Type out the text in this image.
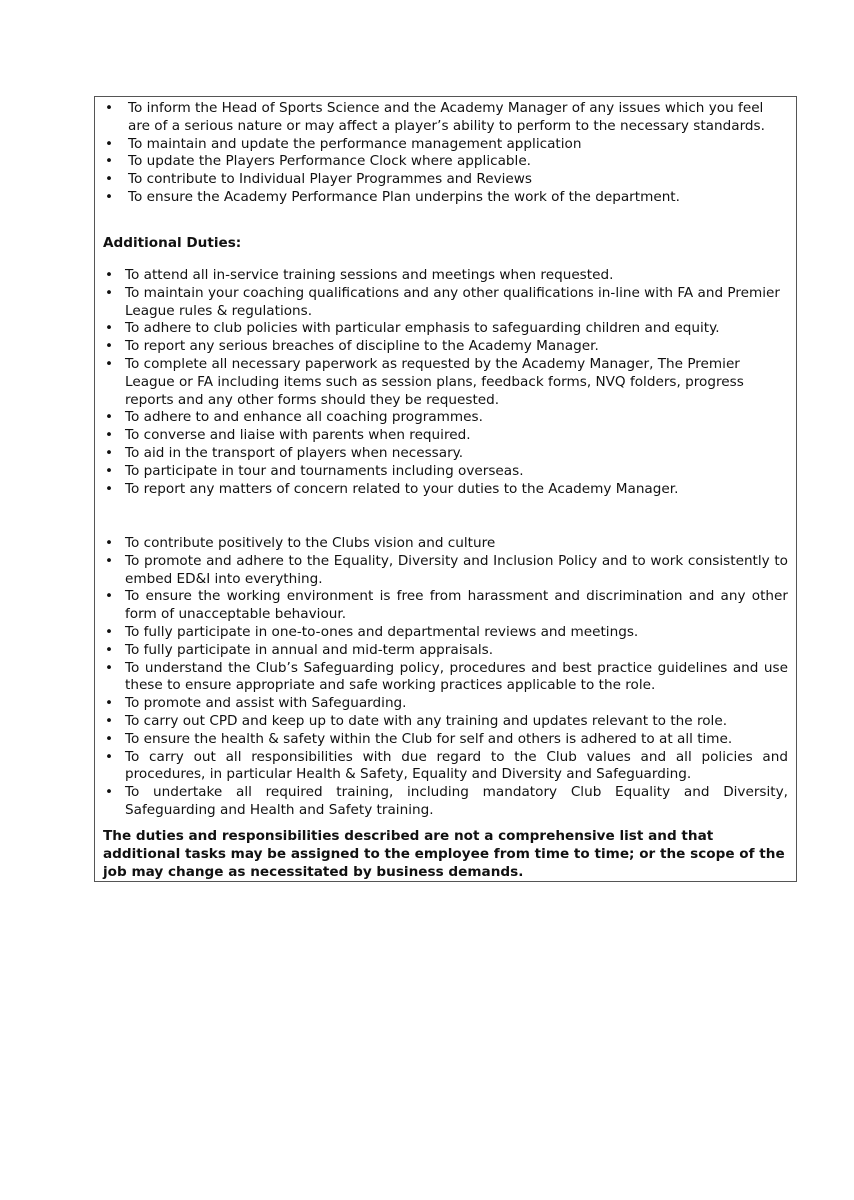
• To inform the Head of Sports Science and the Academy Manager of any issues which you feel are of a serious nature or may affect a player’s ability to perform to the necessary standards.
• To maintain and update the performance management application
• To update the Players Performance Clock where applicable.
• To contribute to Individual Player Programmes and Reviews
• To ensure the Academy Performance Plan underpins the work of the department.
Additional Duties:
• To attend all in-service training sessions and meetings when requested.
• To maintain your coaching qualifications and any other qualifications in-line with FA and Premier League rules & regulations.
• To adhere to club policies with particular emphasis to safeguarding children and equity.
• To report any serious breaches of discipline to the Academy Manager.
• To complete all necessary paperwork as requested by the Academy Manager, The Premier League or FA including items such as session plans, feedback forms, NVQ folders, progress reports and any other forms should they be requested.
• To adhere to and enhance all coaching programmes.
• To converse and liaise with parents when required.
• To aid in the transport of players when necessary.
• To participate in tour and tournaments including overseas.
• To report any matters of concern related to your duties to the Academy Manager.
• To contribute positively to the Clubs vision and culture
• To promote and adhere to the Equality, Diversity and Inclusion Policy and to work consistently to embed ED&I into everything.
• To ensure the working environment is free from harassment and discrimination and any other form of unacceptable behaviour.
• To fully participate in one-to-ones and departmental reviews and meetings.
• To fully participate in annual and mid-term appraisals.
• To understand the Club’s Safeguarding policy, procedures and best practice guidelines and use these to ensure appropriate and safe working practices applicable to the role.
• To promote and assist with Safeguarding.
• To carry out CPD and keep up to date with any training and updates relevant to the role.
• To ensure the health & safety within the Club for self and others is adhered to at all time.
• To carry out all responsibilities with due regard to the Club values and all policies and procedures, in particular Health & Safety, Equality and Diversity and Safeguarding.
• To undertake all required training, including mandatory Club Equality and Diversity, Safeguarding and Health and Safety training.
The duties and responsibilities described are not a comprehensive list and that additional tasks may be assigned to the employee from time to time; or the scope of the job may change as necessitated by business demands.
